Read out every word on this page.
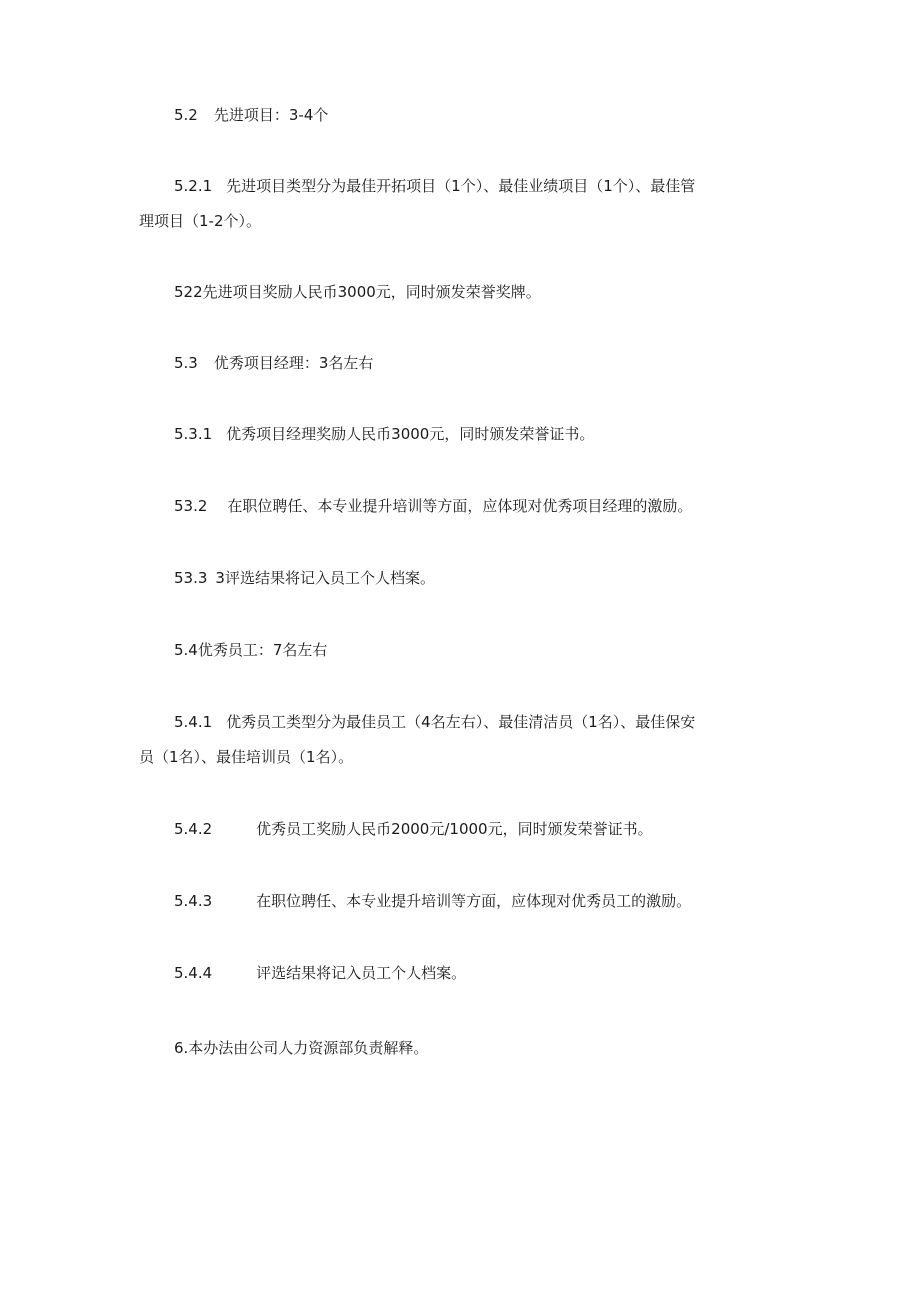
5.2 先进项目：3-4个

5.2.1 先进项目类型分为最佳开拓项目（1个）、最佳业绩项目（1个）、最佳管

理项目（1-2个）。

522先进项目奖励人民币3000元，同时颁发荣誉奖牌。

5.3 优秀项目经理：3名左右

5.3.1 优秀项目经理奖励人民币3000元，同时颁发荣誉证书。

53.2 在职位聘任、本专业提升培训等方面，应体现对优秀项目经理的激励。

53.3 3评选结果将记入员工个人档案。

5.4优秀员工：7名左右

5.4.1 优秀员工类型分为最佳员工（4名左右）、最佳清洁员（1名）、最佳保安

员（1名）、最佳培训员（1名）。

5.4.2	优秀员工奖励人民币2000元/1000元，同时颁发荣誉证书。

5.4.3	在职位聘任、本专业提升培训等方面，应体现对优秀员工的激励。

5.4.4	评选结果将记入员工个人档案。

6.本办法由公司人力资源部负责解释。
